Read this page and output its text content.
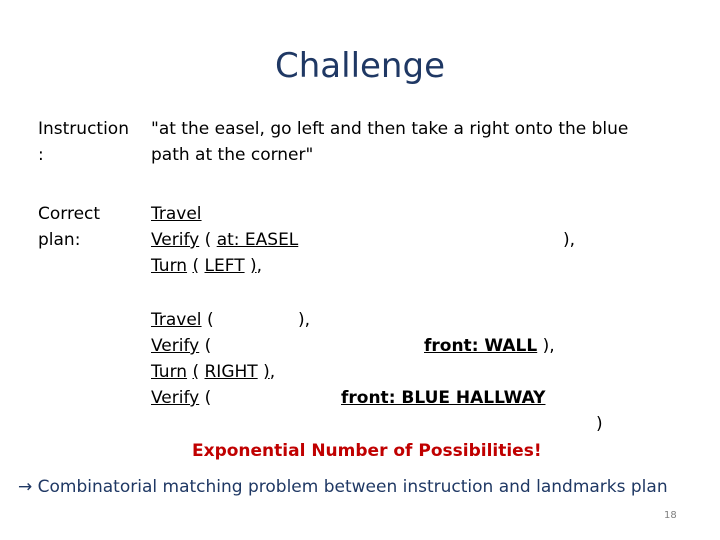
Challenge
Instruction
:
"at the easel, go left and then take a right onto the blue
path at the corner"
Correct
plan:
Travel
Verify ( at: EASEL	),
Turn ( LEFT ),
Travel (	),
Verify (	front: WALL ),
Turn ( RIGHT ),
Verify (	front: BLUE HALLWAY
)
Exponential Number of Possibilities!
→ Combinatorial matching problem between instruction and landmarks plan
18
